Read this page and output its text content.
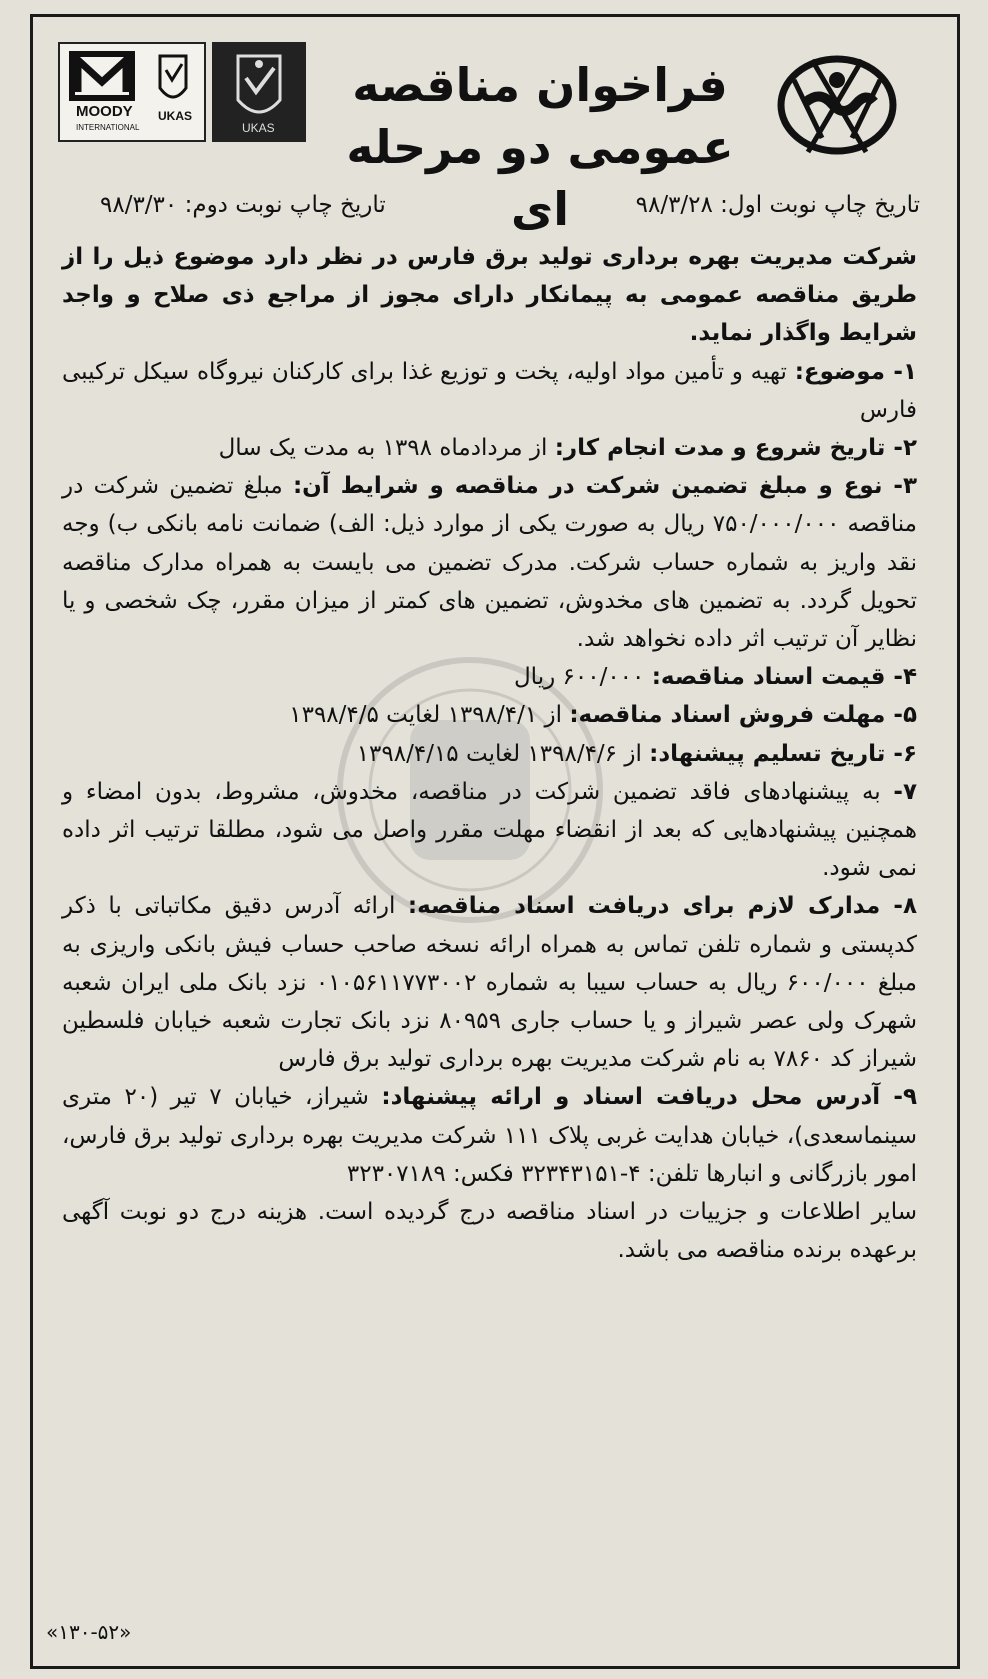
MOODY
INTERNATIONAL
UKAS
UKAS
فراخوان مناقصه
عمومی دو مرحله ای	تاریخ چاپ نوبت اول: ۹۸/۳/۲۸
تاریخ چاپ نوبت دوم: ۹۸/۳/۳۰

شرکت مدیریت بهره برداری تولید برق فارس در نظر دارد موضوع ذیل را از طریق مناقصه عمومی به پیمانکار دارای مجوز از مراجع ذی صلاح و واجد شرایط واگذار نماید.

۱- موضوع: تهیه و تأمین مواد اولیه، پخت و توزیع غذا برای کارکنان نیروگاه سیکل ترکیبی فارس

۲- تاریخ شروع و مدت انجام کار: از مردادماه ۱۳۹۸ به مدت یک سال

۳- نوع و مبلغ تضمین شرکت در مناقصه و شرایط آن: مبلغ تضمین شرکت در مناقصه ۷۵۰/۰۰۰/۰۰۰ ریال به صورت یکی از موارد ذیل: الف) ضمانت نامه بانکی ب) وجه نقد واریز به شماره حساب شرکت. مدرک تضمین می بایست به همراه مدارک مناقصه تحویل گردد. به تضمین های مخدوش، تضمین های کمتر از میزان مقرر، چک شخصی و یا نظایر آن ترتیب اثر داده نخواهد شد.

۴- قیمت اسناد مناقصه: ۶۰۰/۰۰۰ ریال

۵- مهلت فروش اسناد مناقصه: از ۱۳۹۸/۴/۱ لغایت ۱۳۹۸/۴/۵

۶- تاریخ تسلیم پیشنهاد: از ۱۳۹۸/۴/۶ لغایت ۱۳۹۸/۴/۱۵

۷- به پیشنهادهای فاقد تضمین شرکت در مناقصه، مخدوش، مشروط، بدون امضاء و همچنین پیشنهادهایی که بعد از انقضاء مهلت مقرر واصل می شود، مطلقا ترتیب اثر داده نمی شود.

۸- مدارک لازم برای دریافت اسناد مناقصه: ارائه آدرس دقیق مکاتباتی با ذکر کدپستی و شماره تلفن تماس به همراه ارائه نسخه صاحب حساب فیش بانکی واریزی به مبلغ ۶۰۰/۰۰۰ ریال به حساب سیبا به شماره ۰۱۰۵۶۱۱۷۷۳۰۰۲ نزد بانک ملی ایران شعبه شهرک ولی عصر شیراز و یا حساب جاری ۸۰۹۵۹ نزد بانک تجارت شعبه خیابان فلسطین شیراز کد ۷۸۶۰ به نام شرکت مدیریت بهره برداری تولید برق فارس

۹- آدرس محل دریافت اسناد و ارائه پیشنهاد: شیراز، خیابان ۷ تیر (۲۰ متری سینماسعدی)، خیابان هدایت غربی پلاک ۱۱۱ شرکت مدیریت بهره برداری تولید برق فارس، امور بازرگانی و انبارها تلفن: ۴-۳۲۳۴۳۱۵۱ فکس: ۳۲۳۰۷۱۸۹

سایر اطلاعات و جزییات در اسناد مناقصه درج گردیده است. هزینه درج دو نوبت آگهی برعهده برنده مناقصه می باشد.

«۱۳۰-۵۲»
